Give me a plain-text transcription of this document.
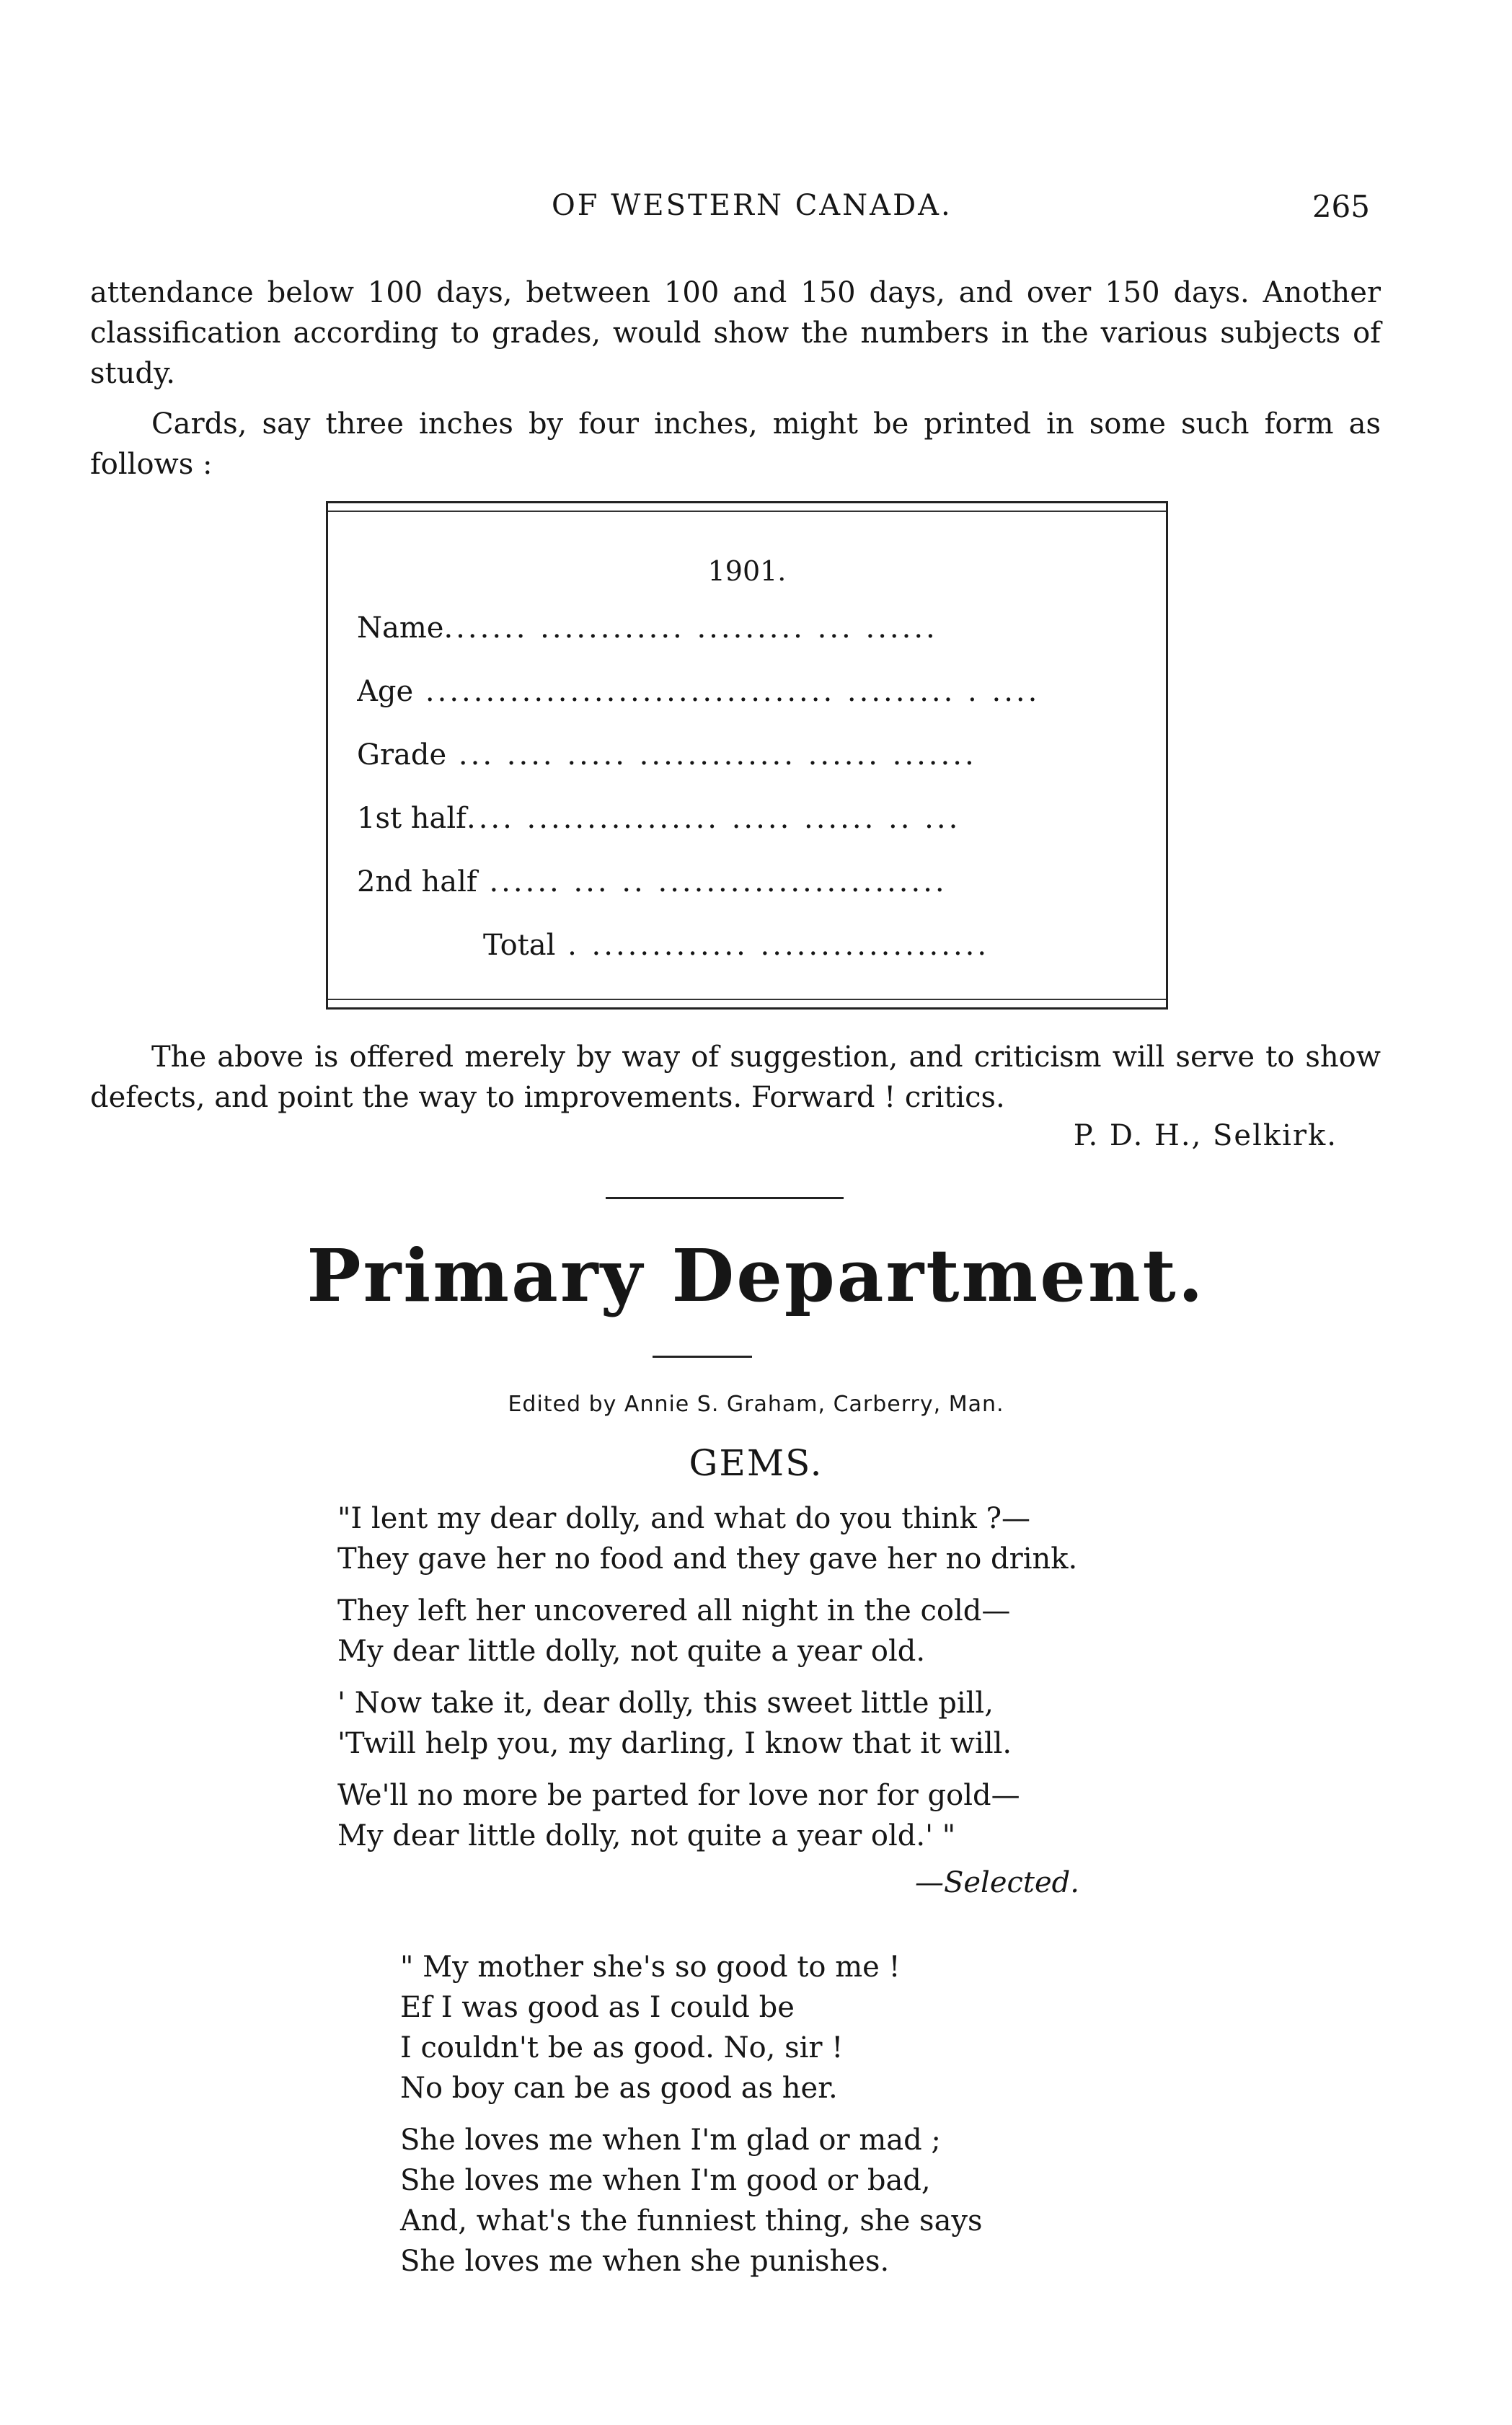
OF WESTERN CANADA.	265
attendance below 100 days, between 100 and 150 days, and over 150 days. Another classification according to grades, would show the numbers in the various subjects of study.
Cards, say three inches by four inches, might be printed in some such form as follows :
1901.
Name....... ............ ......... ... ......
Age .................................. ......... . ....
Grade ... .... ..... ............. ...... .......
1st half.... ................ ..... ...... .. ...
2nd half ...... ... .. ........................
Total . ............. ...................
The above is offered merely by way of suggestion, and criticism will serve to show defects, and point the way to improvements. Forward ! critics.
P. D. H., Selkirk.
Primary Department.
Edited by Annie S. Graham, Carberry, Man.
GEMS.
"I lent my dear dolly, and what do you think ?—
They gave her no food and they gave her no drink.
They left her uncovered all night in the cold—
My dear little dolly, not quite a year old.
' Now take it, dear dolly, this sweet little pill,
'Twill help you, my darling, I know that it will.
We'll no more be parted for love nor for gold—
My dear little dolly, not quite a year old.' "
—Selected.
" My mother she's so good to me !
Ef I was good as I could be
I couldn't be as good. No, sir !
No boy can be as good as her.
She loves me when I'm glad or mad ;
She loves me when I'm good or bad,
And, what's the funniest thing, she says
She loves me when she punishes.
